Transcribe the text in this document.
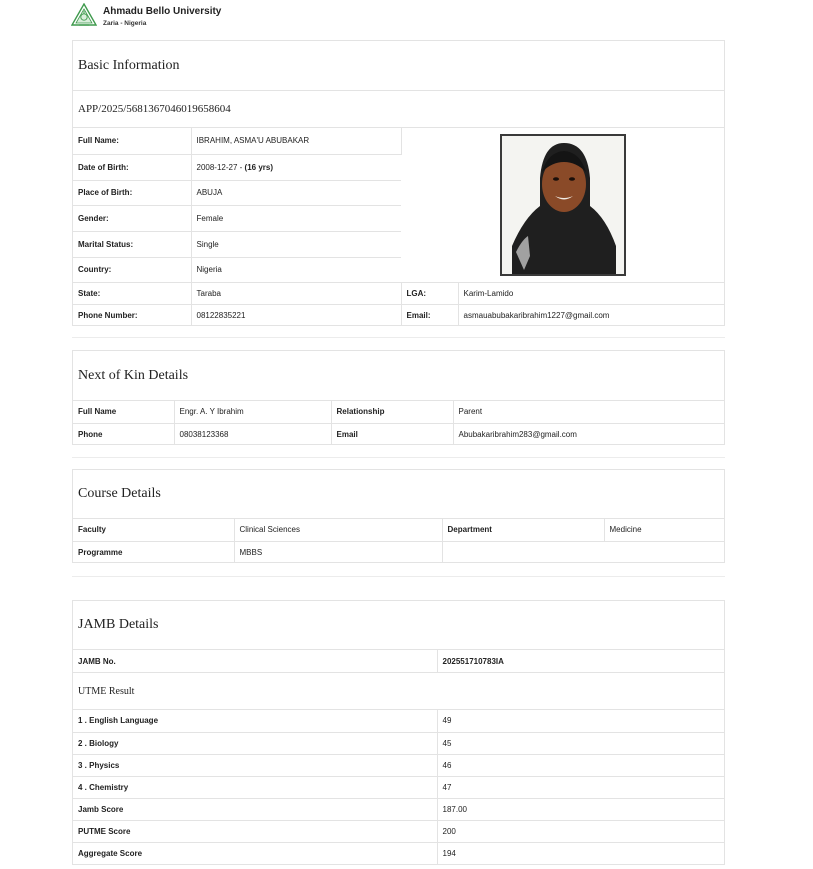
Ahmadu Bello University
Zaria - Nigeria
Basic Information
APP/2025/5681367046019658604
Full Name:	IBRAHIM, ASMA'U ABUBAKAR	

Date of Birth:	2008-12-27 - (16 yrs)		
Place of Birth:	ABUJA		
Gender:	Female		
Marital Status:	Single		
Country:	Nigeria		
State:	Taraba	LGA:	Karim-Lamido
Phone Number:	08122835221	Email:	asmauabubakaribrahim1227@gmail.com
Next of Kin Details
Full Name	Engr. A. Y Ibrahim	Relationship	Parent
Phone	08038123368	Email	Abubakaribrahim283@gmail.com
Course Details
Faculty	Clinical Sciences	Department	Medicine
Programme	MBBS		
JAMB Details
JAMB No.	202551710783IA
UTME Result
1 . English Language	49
2 . Biology	45
3 . Physics	46
4 . Chemistry	47
Jamb Score	187.00
PUTME Score	200
Aggregate Score	194
